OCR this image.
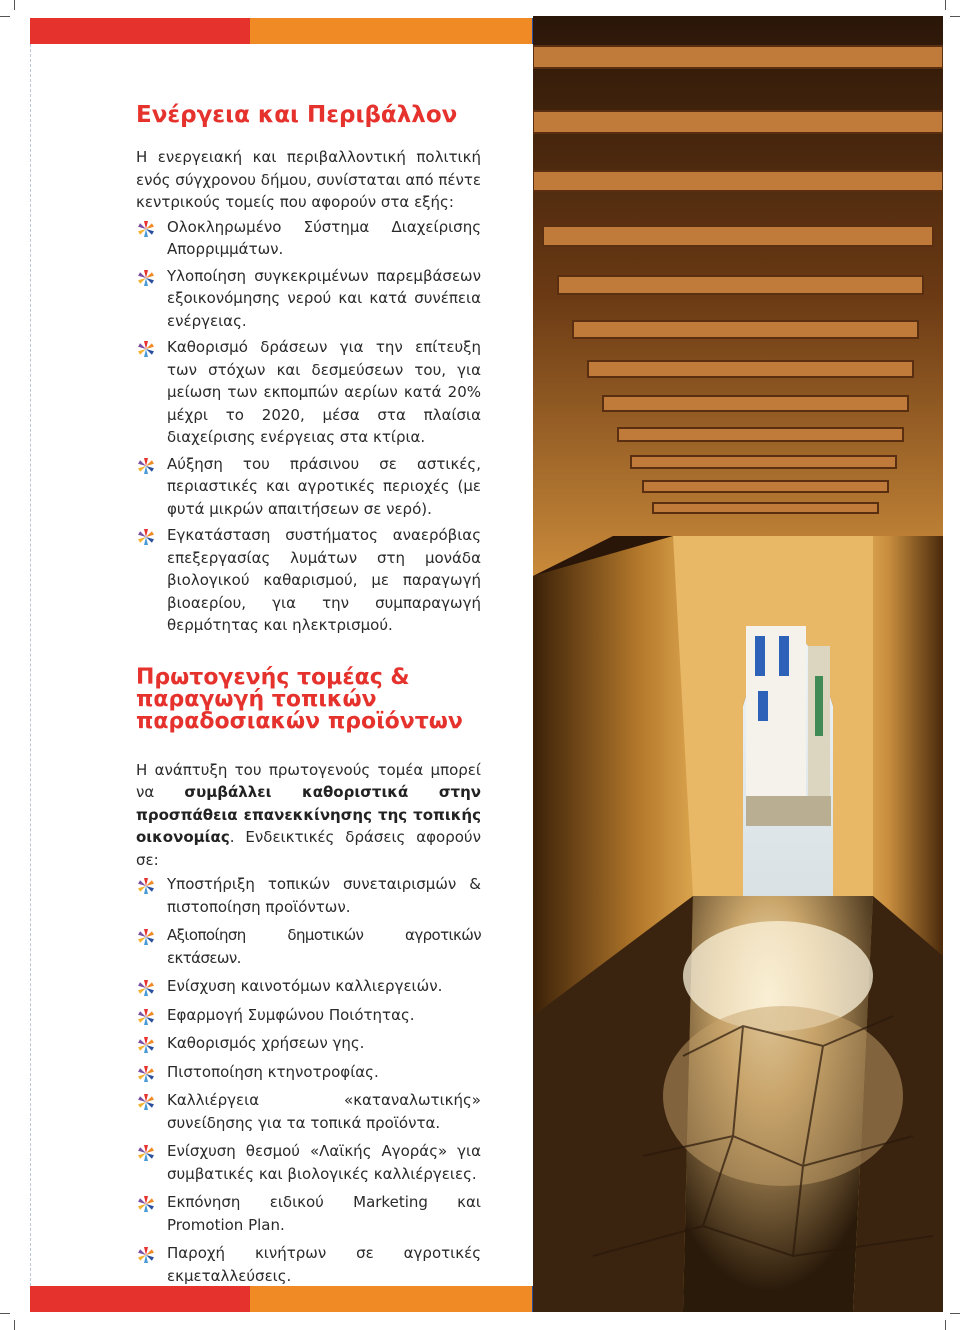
Ενέργεια και Περιβάλλον

Η ενεργειακή και περιβαλλοντική πολιτική ενός σύγχρονου δήμου, συνίσταται από πέντε κεντρικούς τομείς που αφορούν στα εξής:

Ολοκληρωμένο Σύστημα Διαχείρισης Απορριμμάτων.
Υλοποίηση συγκεκριμένων παρεμβάσεων εξοικονόμησης νερού και κατά συνέπεια ενέργειας.
Καθορισμό δράσεων για την επίτευξη των στόχων και δεσμεύσεων του, για μείωση των εκπομπών αερίων κατά 20% μέχρι το 2020, μέσα στα πλαίσια διαχείρισης ενέργειας στα κτίρια.
Αύξηση του πράσινου σε αστικές, περιαστικές και αγροτικές περιοχές (με φυτά μικρών απαιτήσεων σε νερό).
Εγκατάσταση συστήματος αναερόβιας επεξεργασίας λυμάτων στη μονάδα βιολογικού καθαρισμού, με παραγωγή βιοαερίου, για την συμπαραγωγή θερμότητας και ηλεκτρισμού.
Πρωτογενής τομέας &
παραγωγή τοπικών
παραδοσιακών προϊόντων

Η ανάπτυξη του πρωτογενούς τομέα μπορεί να συμβάλλει καθοριστικά στην προσπάθεια επανεκκίνησης της τοπικής οικονομίας. Ενδεικτικές δράσεις αφορούν σε:

Υποστήριξη τοπικών συνεταιρισμών & πιστοποίηση προϊόντων.
Αξιοποίηση δημοτικών αγροτικών εκτάσεων.
Ενίσχυση καινοτόμων καλλιεργειών.
Εφαρμογή Συμφώνου Ποιότητας.
Καθορισμός χρήσεων γης.
Πιστοποίηση κτηνοτροφίας.
Καλλιέργεια «καταναλωτικής» συνείδησης για τα τοπικά προϊόντα.
Ενίσχυση θεσμού «Λαϊκής Αγοράς» για συμβατικές και βιολογικές καλλιέργειες.
Εκπόνηση ειδικού Marketing και Promotion Plan.
Παροχή κινήτρων σε αγροτικές εκμεταλλεύσεις.
